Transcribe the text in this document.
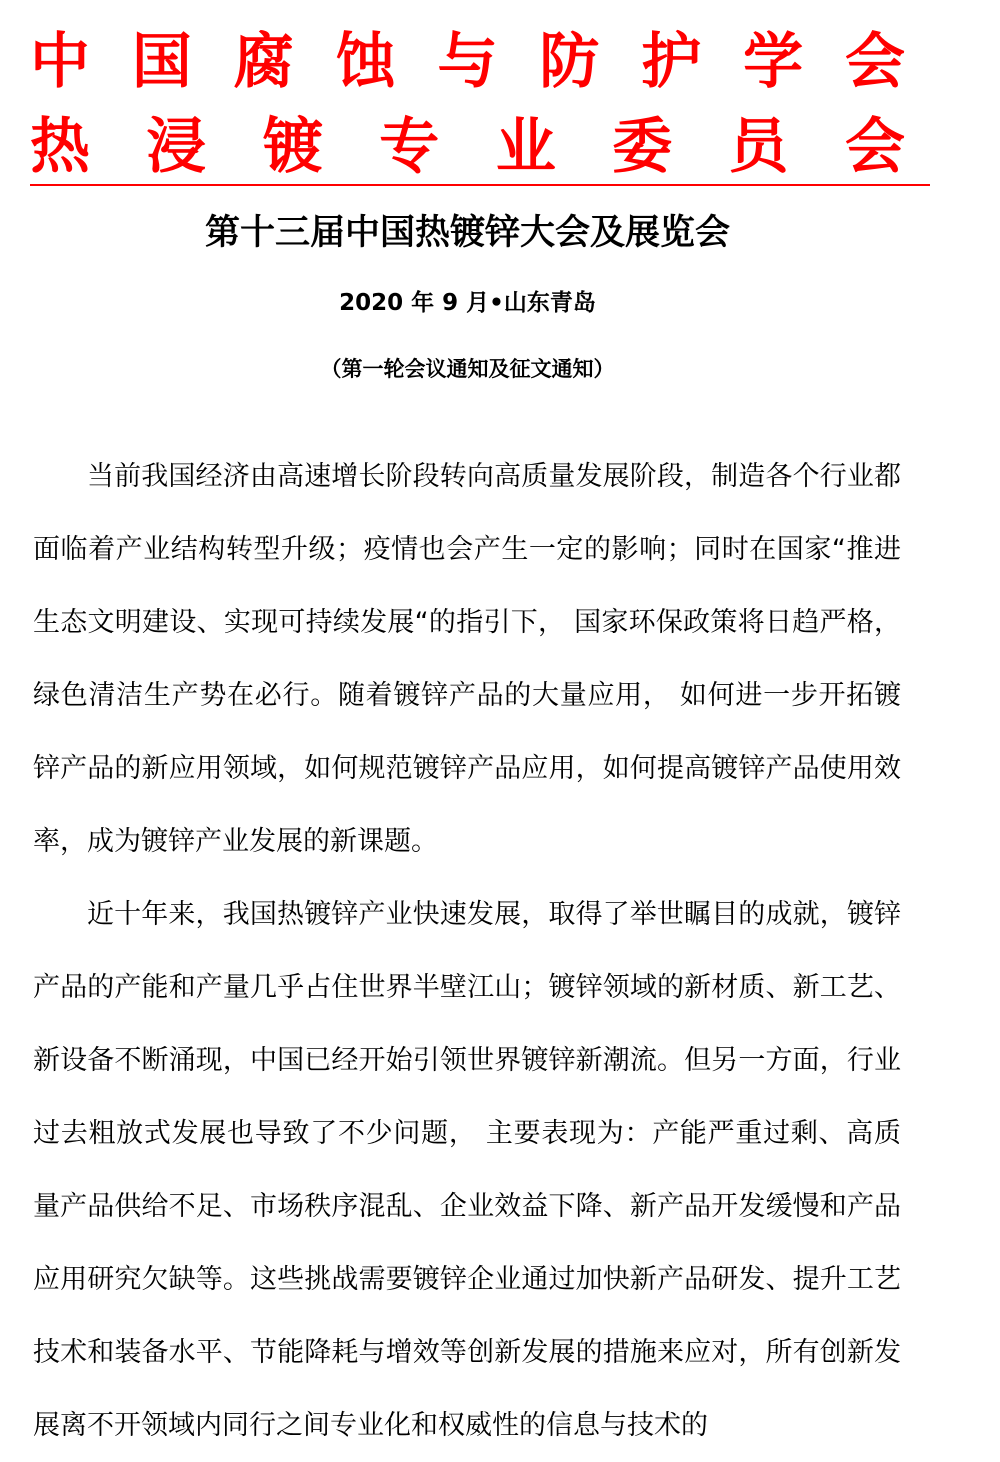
中 国 腐 蚀 与 防 护 学 会
热 浸 镀 专 业 委 员 会
第十三届中国热镀锌大会及展览会
2020 年 9 月•山东青岛
（第一轮会议通知及征文通知）

当前我国经济由高速增长阶段转向高质量发展阶段，制造各个行业都面临着产业结构转型升级；疫情也会产生一定的影响；同时在国家“推进生态文明建设、实现可持续发展“的指引下， 国家环保政策将日趋严格， 绿色清洁生产势在必行。随着镀锌产品的大量应用， 如何进一步开拓镀锌产品的新应用领域，如何规范镀锌产品应用，如何提高镀锌产品使用效率，成为镀锌产业发展的新课题。

近十年来，我国热镀锌产业快速发展，取得了举世瞩目的成就，镀锌产品的产能和产量几乎占住世界半壁江山；镀锌领域的新材质、新工艺、新设备不断涌现，中国已经开始引领世界镀锌新潮流。但另一方面，行业过去粗放式发展也导致了不少问题， 主要表现为：产能严重过剩、高质量产品供给不足、市场秩序混乱、企业效益下降、新产品开发缓慢和产品应用研究欠缺等。这些挑战需要镀锌企业通过加快新产品研发、提升工艺技术和装备水平、节能降耗与增效等创新发展的措施来应对，所有创新发展离不开领域内同行之间专业化和权威性的信息与技术的
